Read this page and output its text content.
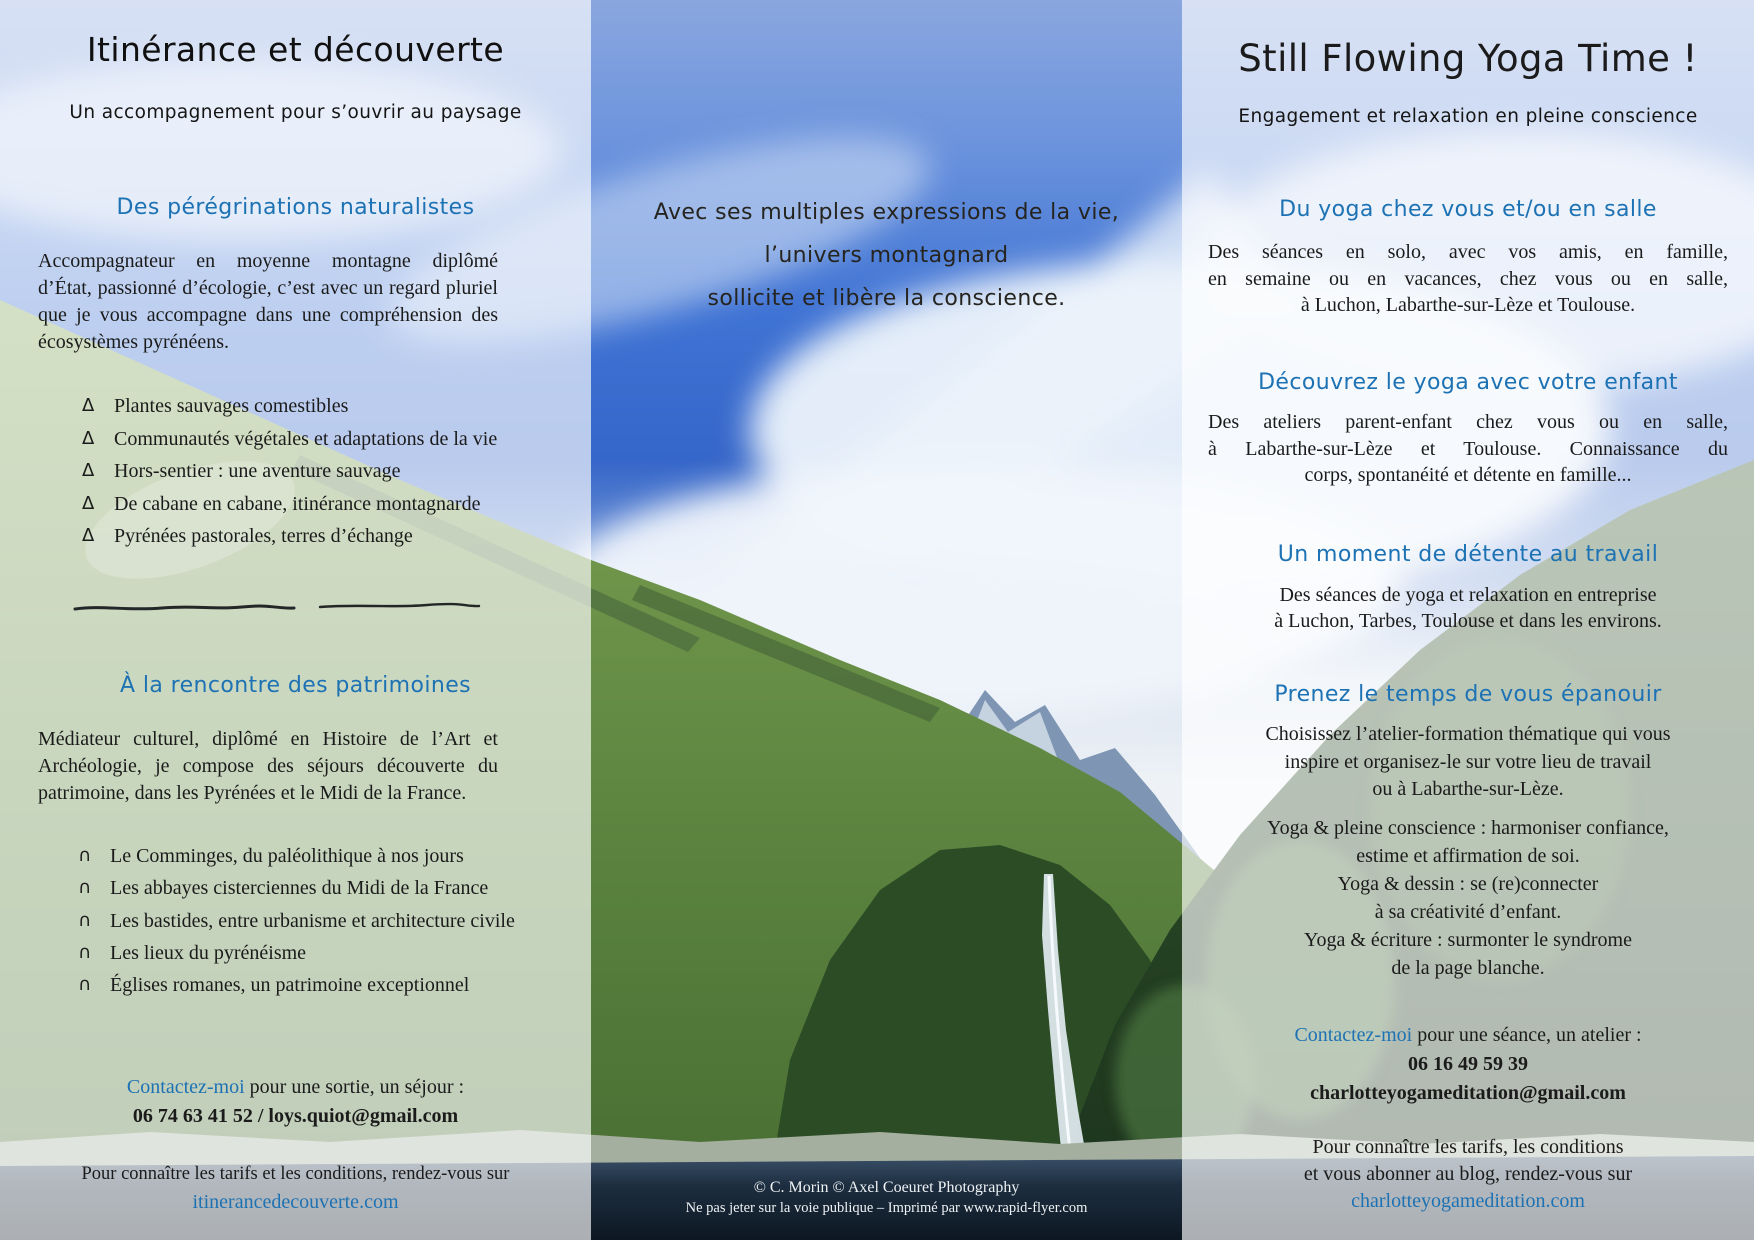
Itinérance et découverte
Un accompagnement pour s’ouvrir au paysage
Des pérégrinations naturalistes
Accompagnateur en moyenne montagne diplômé
d’État, passionné d’écologie, c’est avec un regard pluriel
que je vous accompagne dans une compréhension des
écosystèmes pyrénéens.
Δ Plantes sauvages comestibles
Δ Communautés végétales et adaptations de la vie
Δ Hors-sentier : une aventure sauvage
Δ De cabane en cabane, itinérance montagnarde
Δ Pyrénées pastorales, terres d’échange
À la rencontre des patrimoines
Médiateur culturel, diplômé en Histoire de l’Art et
Archéologie, je compose des séjours découverte du
patrimoine, dans les Pyrénées et le Midi de la France.
∩ Le Comminges, du paléolithique à nos jours
∩ Les abbayes cisterciennes du Midi de la France
∩ Les bastides, entre urbanisme et architecture civile
∩ Les lieux du pyrénéisme
∩ Églises romanes, un patrimoine exceptionnel
Contactez-moi pour une sortie, un séjour :
06 74 63 41 52 / loys.quiot@gmail.com
Pour connaître les tarifs et les conditions, rendez-vous sur
itinerancedecouverte.com
Avec ses multiples expressions de la vie,
l’univers montagnard
sollicite et libère la conscience.
© C. Morin © Axel Coeuret Photography
Ne pas jeter sur la voie publique – Imprimé par www.rapid-flyer.com
Still Flowing Yoga Time !
Engagement et relaxation en pleine conscience
Du yoga chez vous et/ou en salle
Des séances en solo, avec vos amis, en famille,
en semaine ou en vacances, chez vous ou en salle,
à Luchon, Labarthe-sur-Lèze et Toulouse.
Découvrez le yoga avec votre enfant
Des ateliers parent-enfant chez vous ou en salle,
à Labarthe-sur-Lèze et Toulouse. Connaissance du
corps, spontanéité et détente en famille...
Un moment de détente au travail
Des séances de yoga et relaxation en entreprise
à Luchon, Tarbes, Toulouse et dans les environs.
Prenez le temps de vous épanouir
Choisissez l’atelier-formation thématique qui vous
inspire et organisez-le sur votre lieu de travail
ou à Labarthe-sur-Lèze.
Yoga & pleine conscience : harmoniser confiance,
estime et affirmation de soi.
Yoga & dessin : se (re)connecter
à sa créativité d’enfant.
Yoga & écriture : surmonter le syndrome
de la page blanche.
Contactez-moi pour une séance, un atelier :
06 16 49 59 39
charlotteyogameditation@gmail.com
Pour connaître les tarifs, les conditions
et vous abonner au blog, rendez-vous sur
charlotteyogameditation.com
